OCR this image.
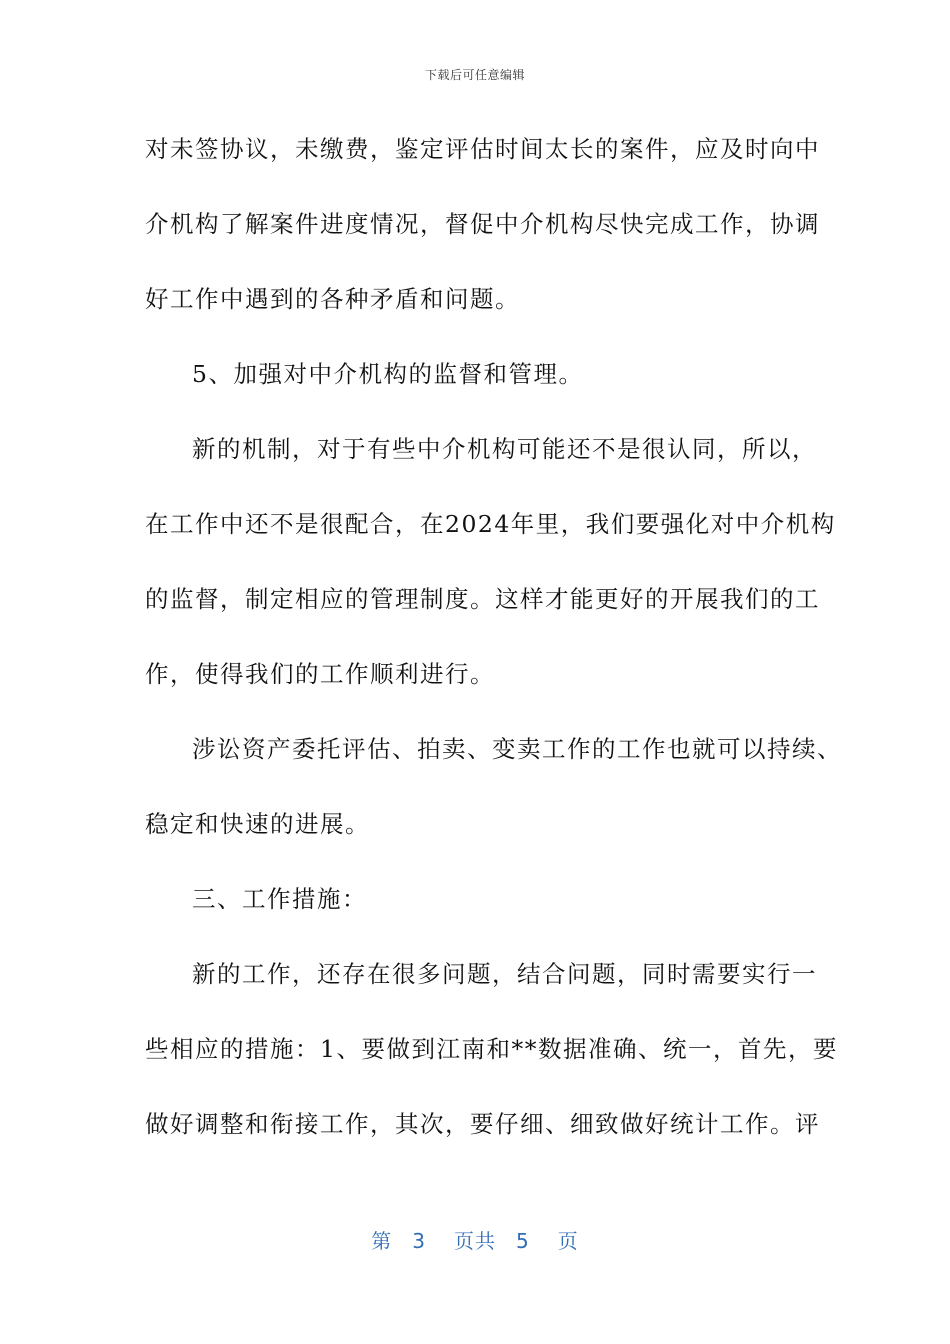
下载后可任意编辑
对未签协议，未缴费，鉴定评估时间太长的案件，应及时向中
介机构了解案件进度情况，督促中介机构尽快完成工作，协调
好工作中遇到的各种矛盾和问题。
5、加强对中介机构的监督和管理。
新的机制，对于有些中介机构可能还不是很认同，所以，
在工作中还不是很配合，在2024年里，我们要强化对中介机构
的监督，制定相应的管理制度。这样才能更好的开展我们的工
作，使得我们的工作顺利进行。
涉讼资产委托评估、拍卖、变卖工作的工作也就可以持续、
稳定和快速的进展。
三、工作措施：
新的工作，还存在很多问题，结合问题，同时需要实行一
些相应的措施：1、要做到江南和**数据准确、统一，首先，要
做好调整和衔接工作，其次，要仔细、细致做好统计工作。评
第 3 页共 5 页
